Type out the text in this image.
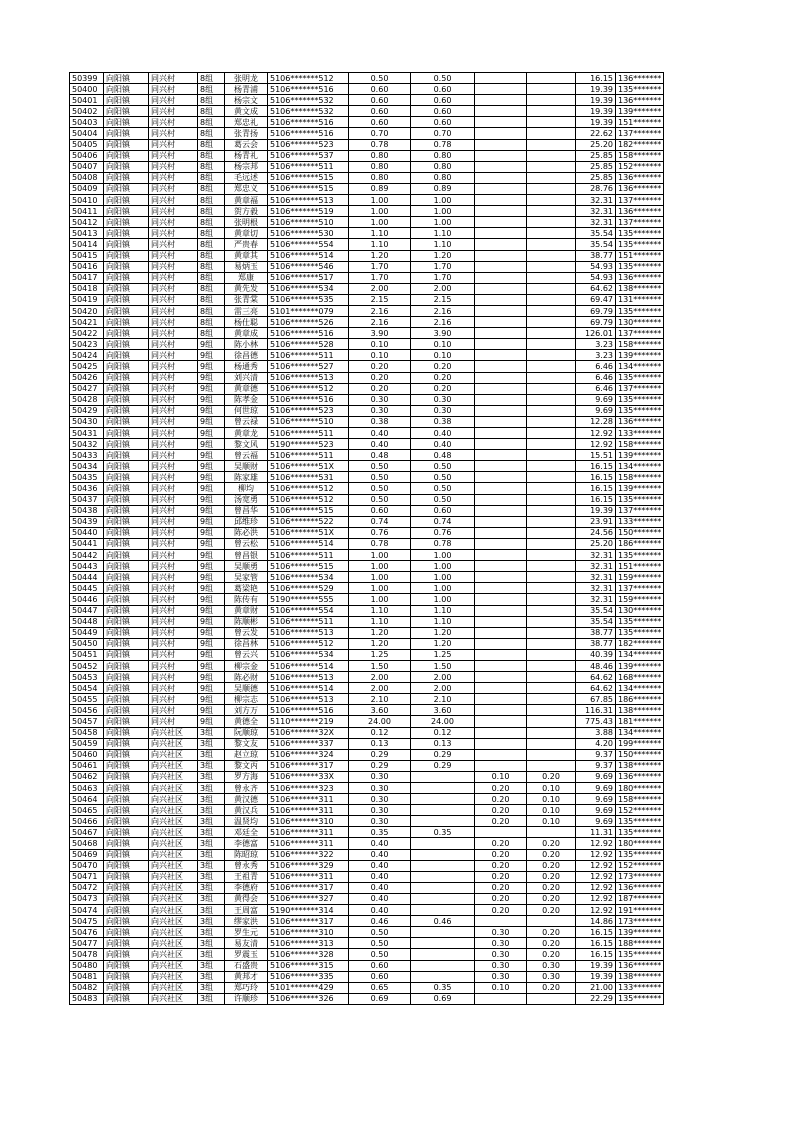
50399	向阳镇	同兴村	8组	张明龙	5106*******512	0.50	0.50			16.15	136*******
50400	向阳镇	同兴村	8组	杨青浦	5106*******516	0.60	0.60			19.39	135*******
50401	向阳镇	同兴村	8组	杨宗文	5106*******532	0.60	0.60			19.39	136*******
50402	向阳镇	同兴村	8组	黄文成	5106*******532	0.60	0.60			19.39	139*******
50403	向阳镇	同兴村	8组	郑忠礼	5106*******516	0.60	0.60			19.39	151*******
50404	向阳镇	同兴村	8组	张青扬	5106*******516	0.70	0.70			22.62	137*******
50405	向阳镇	同兴村	8组	葛云会	5106*******523	0.78	0.78			25.20	182*******
50406	向阳镇	同兴村	8组	杨青礼	5106*******537	0.80	0.80			25.85	158*******
50407	向阳镇	同兴村	8组	杨宗邦	5106*******511	0.80	0.80			25.85	152*******
50408	向阳镇	同兴村	8组	毛远述	5106*******515	0.80	0.80			25.85	136*******
50409	向阳镇	同兴村	8组	郑忠义	5106*******515	0.89	0.89			28.76	136*******
50410	向阳镇	同兴村	8组	黄章福	5106*******513	1.00	1.00			32.31	137*******
50411	向阳镇	同兴村	8组	贺方毅	5106*******519	1.00	1.00			32.31	136*******
50412	向阳镇	同兴村	8组	张明根	5106*******510	1.00	1.00			32.31	137*******
50413	向阳镇	同兴村	8组	黄章切	5106*******530	1.10	1.10			35.54	135*******
50414	向阳镇	同兴村	8组	严贵春	5106*******554	1.10	1.10			35.54	135*******
50415	向阳镇	同兴村	8组	黄章其	5106*******514	1.20	1.20			38.77	151*******
50416	向阳镇	同兴村	8组	易炳玉	5106*******546	1.70	1.70			54.93	135*******
50417	向阳镇	同兴村	8组	郑康	5106*******517	1.70	1.70			54.93	136*******
50418	向阳镇	同兴村	8组	黄先发	5106*******534	2.00	2.00			64.62	138*******
50419	向阳镇	同兴村	8组	张青棠	5106*******535	2.15	2.15			69.47	131*******
50420	向阳镇	同兴村	8组	雷三亮	5101*******079	2.16	2.16			69.79	135*******
50421	向阳镇	同兴村	8组	杨仕聪	5106*******526	2.16	2.16			69.79	130*******
50422	向阳镇	同兴村	8组	黄章成	5106*******516	3.90	3.90			126.01	137*******
50423	向阳镇	同兴村	9组	陈小林	5106*******528	0.10	0.10			3.23	158*******
50424	向阳镇	同兴村	9组	徐昌德	5106*******511	0.10	0.10			3.23	139*******
50425	向阳镇	同兴村	9组	杨通秀	5106*******527	0.20	0.20			6.46	134*******
50426	向阳镇	同兴村	9组	刘兴清	5106*******513	0.20	0.20			6.46	135*******
50427	向阳镇	同兴村	9组	黄章德	5106*******512	0.20	0.20			6.46	137*******
50428	向阳镇	同兴村	9组	陈孝金	5106*******516	0.30	0.30			9.69	135*******
50429	向阳镇	同兴村	9组	何世琼	5106*******523	0.30	0.30			9.69	135*******
50430	向阳镇	同兴村	9组	曾云禄	5106*******510	0.38	0.38			12.28	136*******
50431	向阳镇	同兴村	9组	黄章龙	5106*******511	0.40	0.40			12.92	133*******
50432	向阳镇	同兴村	9组	黎文风	5190*******523	0.40	0.40			12.92	158*******
50433	向阳镇	同兴村	9组	曾云福	5106*******511	0.48	0.48			15.51	139*******
50434	向阳镇	同兴村	9组	吴顺财	5106*******51X	0.50	0.50			16.15	134*******
50435	向阳镇	同兴村	9组	陈家雄	5106*******531	0.50	0.50			16.15	158*******
50436	向阳镇	同兴村	9组	柳均	5106*******512	0.50	0.50			16.15	139*******
50437	向阳镇	同兴村	9组	汤宽勇	5106*******512	0.50	0.50			16.15	135*******
50438	向阳镇	同兴村	9组	曾昌华	5106*******515	0.60	0.60			19.39	137*******
50439	向阳镇	同兴村	9组	邱维珍	5106*******522	0.74	0.74			23.91	133*******
50440	向阳镇	同兴村	9组	陈必洪	5106*******51X	0.76	0.76			24.56	150*******
50441	向阳镇	同兴村	9组	曾云松	5106*******514	0.78	0.78			25.20	186*******
50442	向阳镇	同兴村	9组	曾昌银	5106*******511	1.00	1.00			32.31	135*******
50443	向阳镇	同兴村	9组	吴顺勇	5106*******515	1.00	1.00			32.31	151*******
50444	向阳镇	同兴村	9组	吴家管	5106*******534	1.00	1.00			32.31	159*******
50445	向阳镇	同兴村	9组	葛梁艳	5106*******529	1.00	1.00			32.31	137*******
50446	向阳镇	同兴村	9组	陈传有	5190*******555	1.00	1.00			32.31	159*******
50447	向阳镇	同兴村	9组	黄章财	5106*******554	1.10	1.10			35.54	130*******
50448	向阳镇	同兴村	9组	陈顺彬	5106*******511	1.10	1.10			35.54	135*******
50449	向阳镇	同兴村	9组	曾云发	5106*******513	1.20	1.20			38.77	135*******
50450	向阳镇	同兴村	9组	徐昌林	5106*******512	1.20	1.20			38.77	182*******
50451	向阳镇	同兴村	9组	曾云兴	5106*******534	1.25	1.25			40.39	134*******
50452	向阳镇	同兴村	9组	柳宗金	5106*******514	1.50	1.50			48.46	139*******
50453	向阳镇	同兴村	9组	陈必财	5106*******513	2.00	2.00			64.62	168*******
50454	向阳镇	同兴村	9组	吴顺德	5106*******514	2.00	2.00			64.62	134*******
50455	向阳镇	同兴村	9组	柳宗志	5106*******513	2.10	2.10			67.85	186*******
50456	向阳镇	同兴村	9组	刘方万	5106*******516	3.60	3.60			116.31	138*******
50457	向阳镇	同兴村	9组	黄德全	5110*******219	24.00	24.00			775.43	181*******
50458	向阳镇	向兴社区	3组	阮顺琼	5106*******32X	0.12	0.12			3.88	134*******
50459	向阳镇	向兴社区	3组	黎文友	5106*******337	0.13	0.13			4.20	199*******
50460	向阳镇	向兴社区	3组	赵立琼	5106*******324	0.29	0.29			9.37	150*******
50461	向阳镇	向兴社区	3组	黎文丙	5106*******317	0.29	0.29			9.37	138*******
50462	向阳镇	向兴社区	3组	罗方海	5106*******33X	0.30		0.10	0.20	9.69	136*******
50463	向阳镇	向兴社区	3组	曾永齐	5106*******323	0.30		0.20	0.10	9.69	180*******
50464	向阳镇	向兴社区	3组	黄汉德	5106*******311	0.30		0.20	0.10	9.69	158*******
50465	向阳镇	向兴社区	3组	黄汉兵	5106*******311	0.30		0.20	0.10	9.69	152*******
50466	向阳镇	向兴社区	3组	温贤均	5106*******310	0.30		0.20	0.10	9.69	135*******
50467	向阳镇	向兴社区	3组	邓廷全	5106*******311	0.35	0.35			11.31	135*******
50468	向阳镇	向兴社区	3组	李德富	5106*******311	0.40		0.20	0.20	12.92	180*******
50469	向阳镇	向兴社区	3组	陈昭琼	5106*******322	0.40		0.20	0.20	12.92	135*******
50470	向阳镇	向兴社区	3组	曾永秀	5106*******329	0.40		0.20	0.20	12.92	152*******
50471	向阳镇	向兴社区	3组	王祖青	5106*******311	0.40		0.20	0.20	12.92	173*******
50472	向阳镇	向兴社区	3组	李德府	5106*******317	0.40		0.20	0.20	12.92	136*******
50473	向阳镇	向兴社区	3组	黄得会	5106*******327	0.40		0.20	0.20	12.92	187*******
50474	向阳镇	向兴社区	3组	王周富	5190*******314	0.40		0.20	0.20	12.92	191*******
50475	向阳镇	向兴社区	3组	缪家洪	5106*******317	0.46	0.46			14.86	173*******
50476	向阳镇	向兴社区	3组	罗生元	5106*******310	0.50		0.30	0.20	16.15	139*******
50477	向阳镇	向兴社区	3组	易友清	5106*******313	0.50		0.30	0.20	16.15	188*******
50478	向阳镇	向兴社区	3组	罗震玉	5106*******328	0.50		0.30	0.20	16.15	135*******
50480	向阳镇	向兴社区	3组	石盛贵	5106*******315	0.60		0.30	0.30	19.39	136*******
50481	向阳镇	向兴社区	3组	黄邦才	5106*******335	0.60		0.30	0.30	19.39	138*******
50482	向阳镇	向兴社区	3组	郑巧玲	5101*******429	0.65	0.35	0.10	0.20	21.00	133*******
50483	向阳镇	向兴社区	3组	许顺珍	5106*******326	0.69	0.69			22.29	135*******
